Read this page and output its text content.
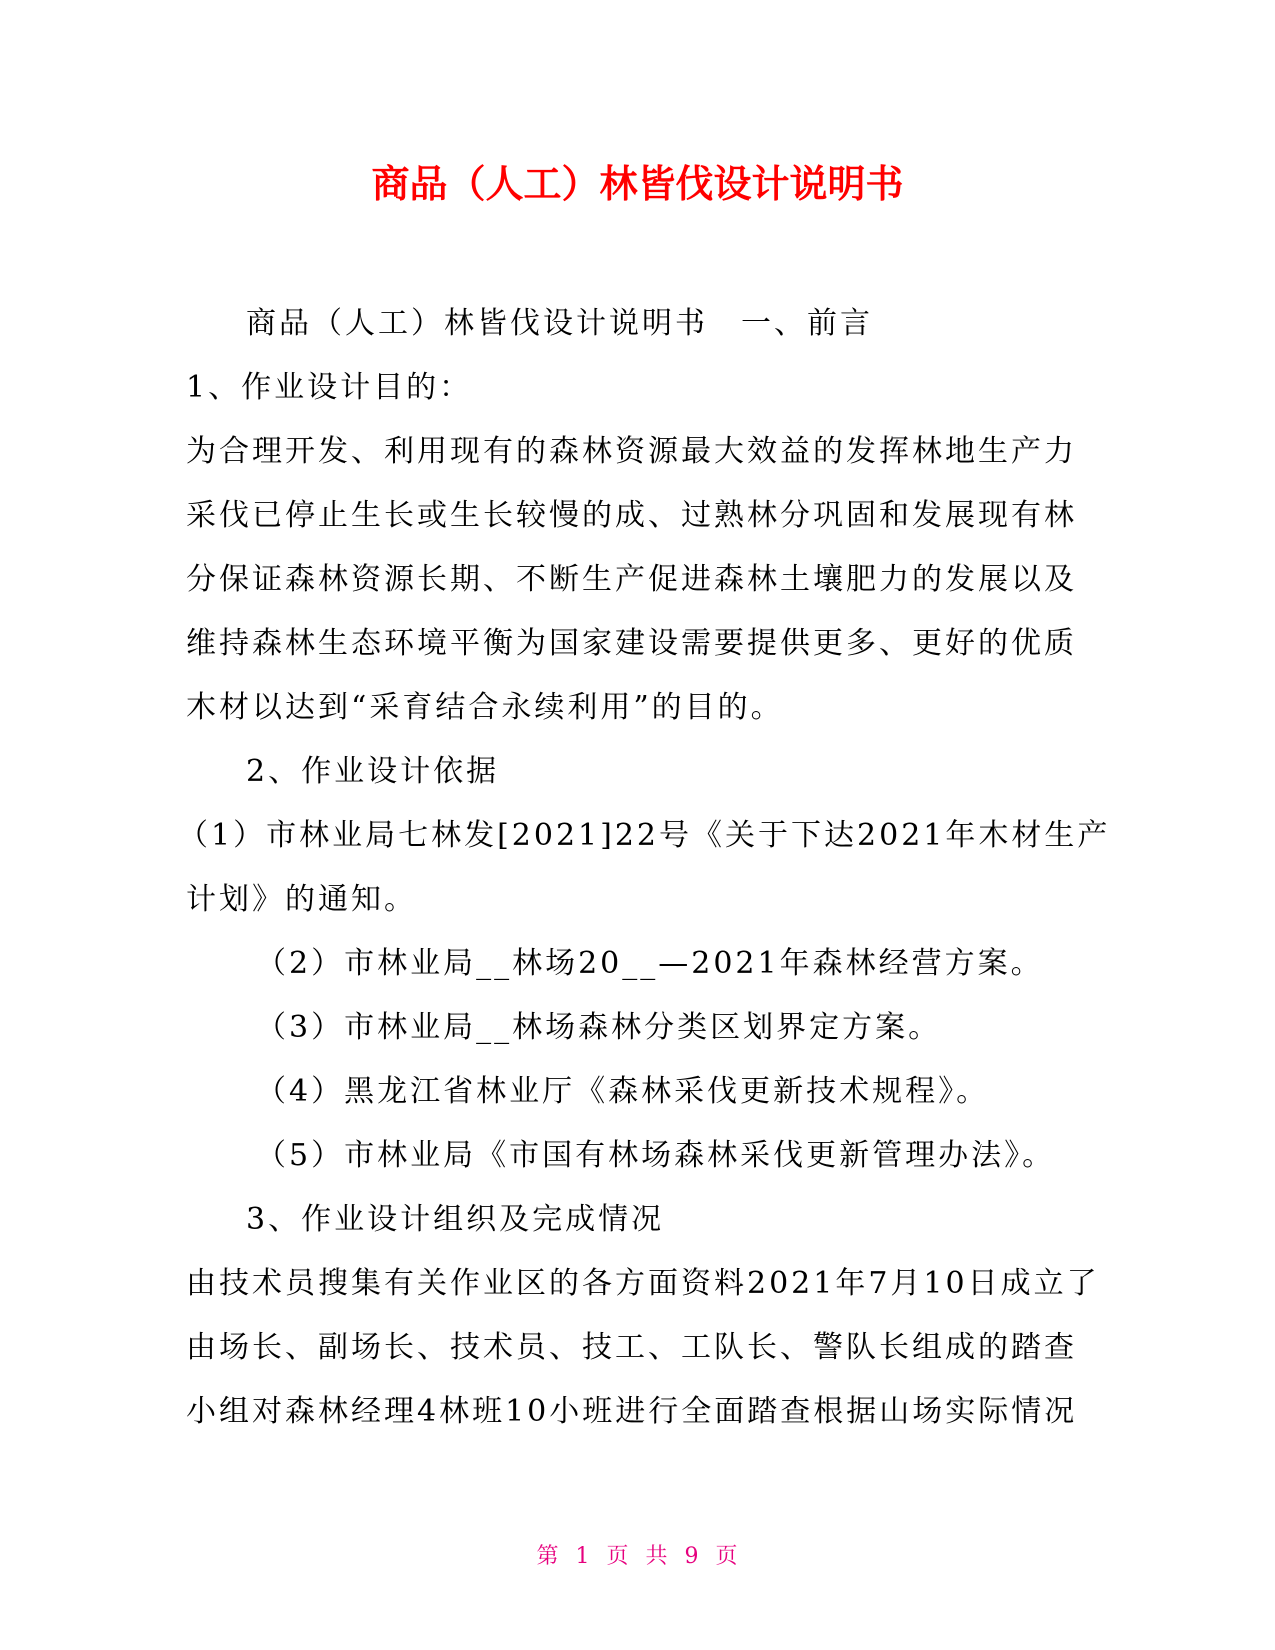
商品（人工）林皆伐设计说明书

商品（人工）林皆伐设计说明书　一、前言

1、作业设计目的：

为合理开发、利用现有的森林资源最大效益的发挥林地生产力

采伐已停止生长或生长较慢的成、过熟林分巩固和发展现有林

分保证森林资源长期、不断生产促进森林土壤肥力的发展以及

维持森林生态环境平衡为国家建设需要提供更多、更好的优质

木材以达到“采育结合永续利用”的目的。

2、作业设计依据

（1）市林业局七林发[2021]22号《关于下达2021年木材生产

计划》的通知。

（2）市林业局__林场20__—2021年森林经营方案。

（3）市林业局__林场森林分类区划界定方案。

（4）黑龙江省林业厅《森林采伐更新技术规程》。

（5）市林业局《市国有林场森林采伐更新管理办法》。

3、作业设计组织及完成情况

由技术员搜集有关作业区的各方面资料2021年7月10日成立了

由场长、副场长、技术员、技工、工队长、警队长组成的踏查

小组对森林经理4林班10小班进行全面踏查根据山场实际情况

第 1 页 共 9 页
